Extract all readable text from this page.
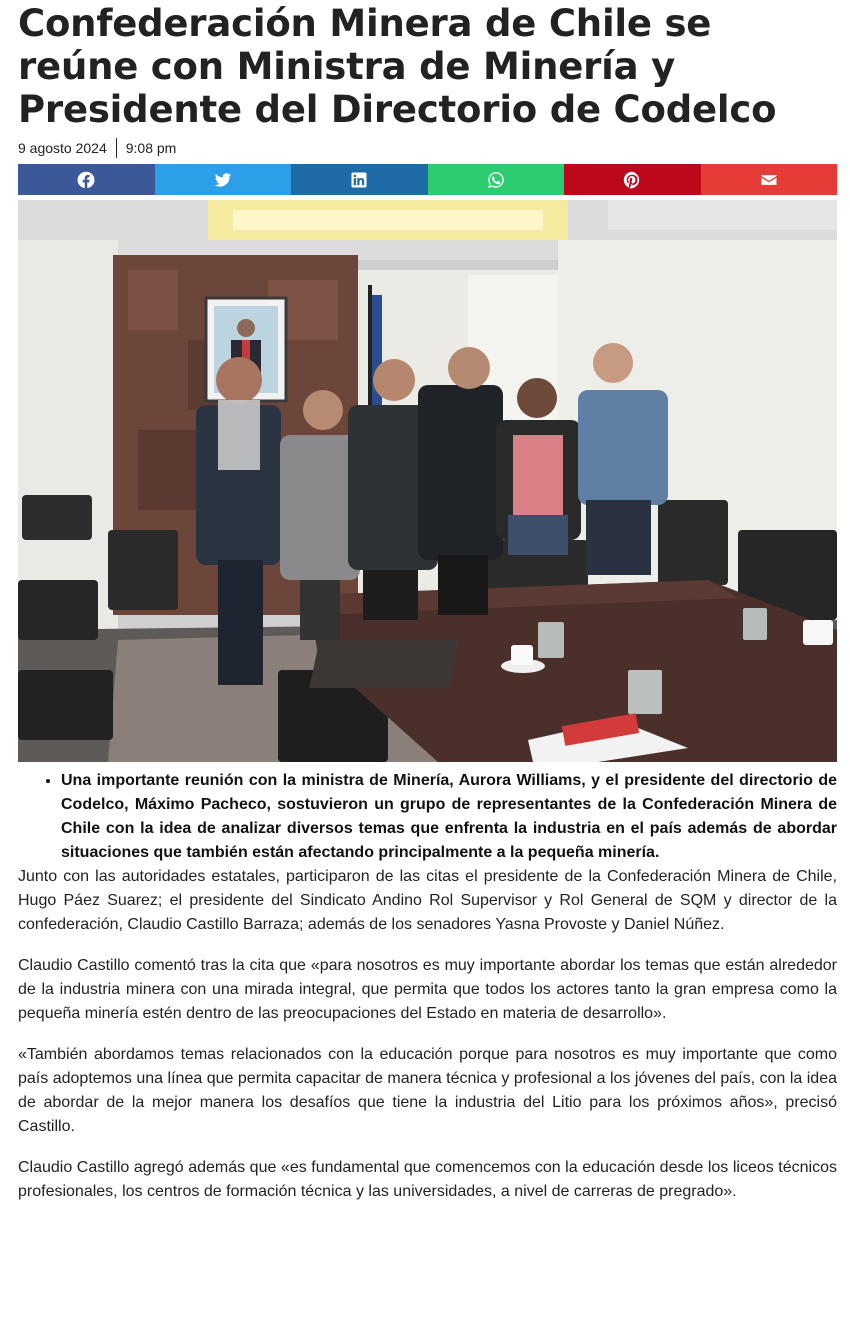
Confederación Minera de Chile se reúne con Ministra de Minería y Presidente del Directorio de Codelco
9 agosto 2024 9:08 pm
• Una importante reunión con la ministra de Minería, Aurora Williams, y el presidente del directorio de Codelco, Máximo Pacheco, sostuvieron un grupo de representantes de la Confederación Minera de Chile con la idea de analizar diversos temas que enfrenta la industria en el país además de abordar situaciones que también están afectando principalmente a la pequeña minería.

Junto con las autoridades estatales, participaron de las citas el presidente de la Confederación Minera de Chile, Hugo Páez Suarez; el presidente del Sindicato Andino Rol Supervisor y Rol General de SQM y director de la confederación, Claudio Castillo Barraza; además de los senadores Yasna Provoste y Daniel Núñez.

Claudio Castillo comentó tras la cita que «para nosotros es muy importante abordar los temas que están alrededor de la industria minera con una mirada integral, que permita que todos los actores tanto la gran empresa como la pequeña minería estén dentro de las preocupaciones del Estado en materia de desarrollo».

«También abordamos temas relacionados con la educación porque para nosotros es muy importante que como país adoptemos una línea que permita capacitar de manera técnica y profesional a los jóvenes del país, con la idea de abordar de la mejor manera los desafíos que tiene la industria del Litio para los próximos años», precisó Castillo.

Claudio Castillo agregó además que «es fundamental que comencemos con la educación desde los liceos técnicos profesionales, los centros de formación técnica y las universidades, a nivel de carreras de pregrado».
